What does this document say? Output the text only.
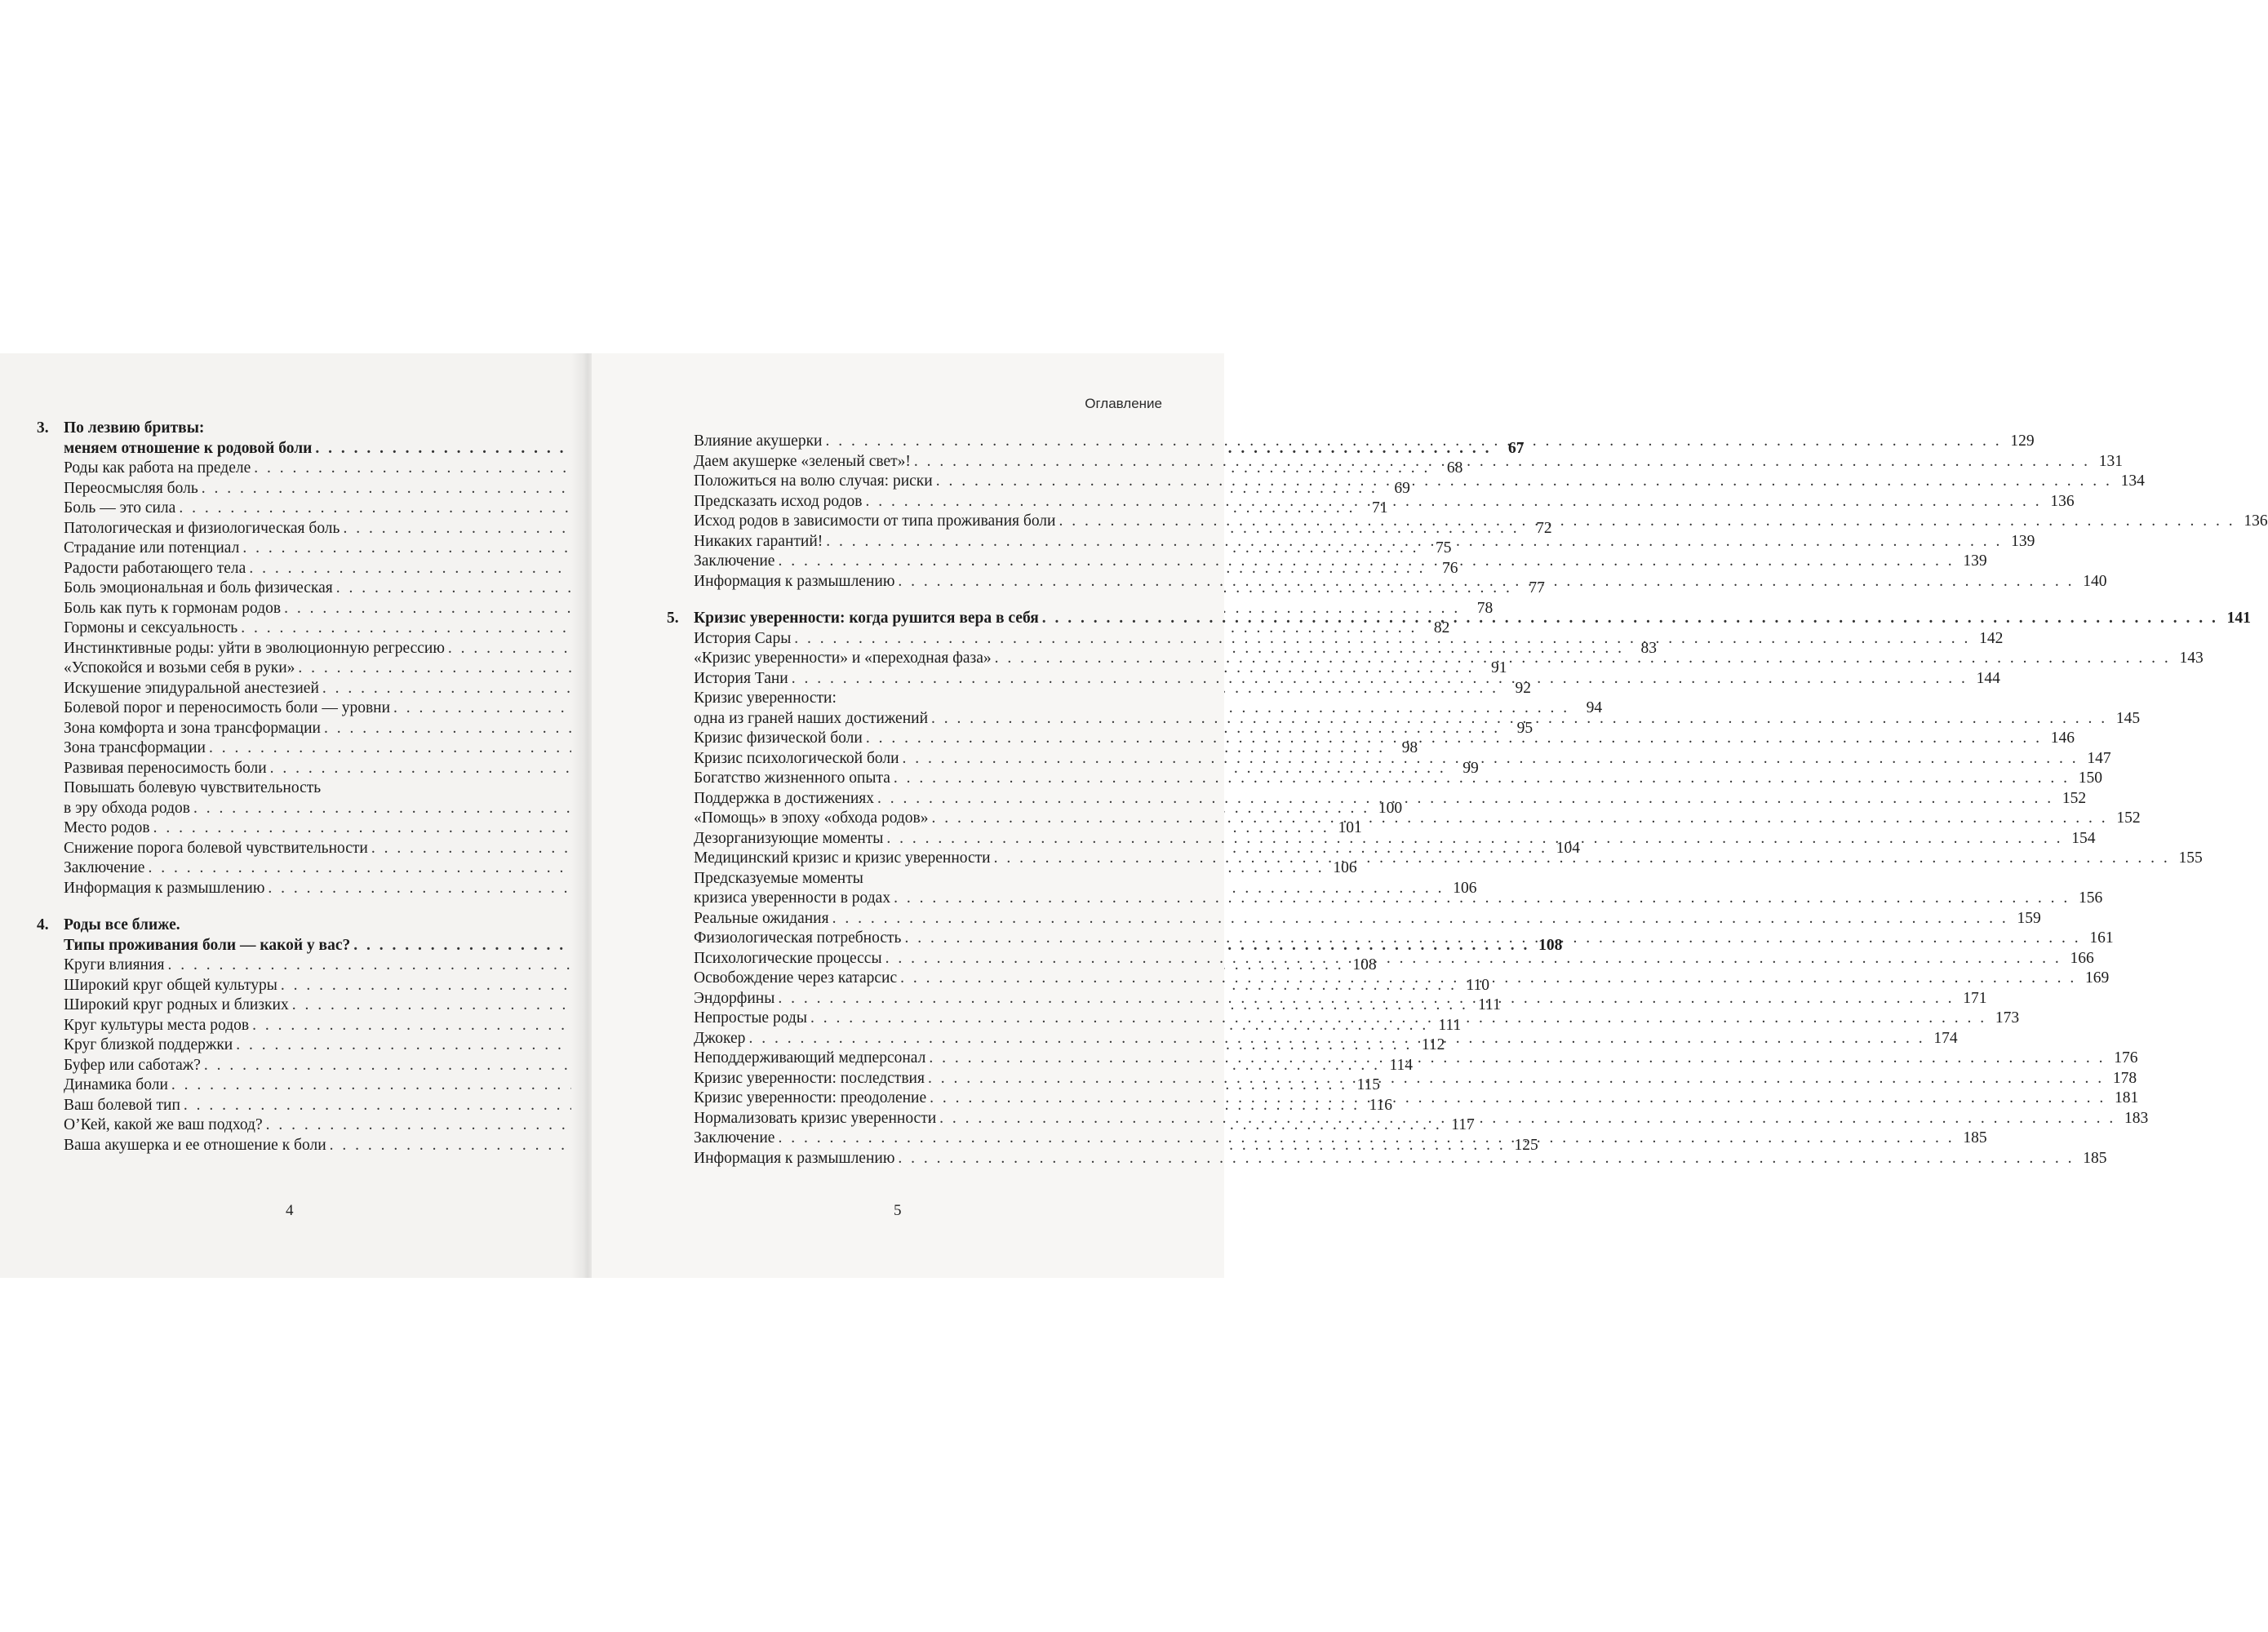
3. По лезвию бритвы:
меняем отношение к родовой боли . . .	67
Роды как работа на пределе . . .	68
Переосмысляя боль . . .	69
Боль — это сила . . .	71
Патологическая и физиологическая боль . . .	72
Страдание или потенциал . . .	75
Радости работающего тела . . .	76
Боль эмоциональная и боль физическая . . .	77
Боль как путь к гормонам родов . . .	78
Гормоны и сексуальность . . .	82
Инстинктивные роды: уйти в эволюционную регрессию . . .	83
«Успокойся и возьми себя в руки» . . .	91
Искушение эпидуральной анестезией . . .	92
Болевой порог и переносимость боли — уровни . . .	94
Зона комфорта и зона трансформации . . .	95
Зона трансформации . . .	98
Развивая переносимость боли . . .	99
Повышать болевую чувствительность
в эру обхода родов . . .	100
Место родов . . .	101
Снижение порога болевой чувствительности . . .	104
Заключение . . .	106
Информация к размышлению . . .	106
4. Роды все ближе.
Типы проживания боли — какой у вас? . . .	108
Круги влияния . . .	108
Широкий круг общей культуры . . .	110
Широкий круг родных и близких . . .	111
Круг культуры места родов . . .	111
Круг близкой поддержки . . .	112
Буфер или саботаж? . . .	114
Динамика боли . . .	115
Ваш болевой тип . . .	116
О’Кей, какой же ваш подход? . . .	117
Ваша акушерка и ее отношение к боли . . .	125
4
Оглавление
Влияние акушерки . . .	129
Даем акушерке «зеленый свет»! . . .	131
Положиться на волю случая: риски . . .	134
Предсказать исход родов . . .	136
Исход родов в зависимости от типа проживания боли . . .	136
Никаких гарантий! . . .	139
Заключение . . .	139
Информация к размышлению . . .	140
5. Кризис уверенности: когда рушится вера в себя . . .	141
История Сары . . .	142
«Кризис уверенности» и «переходная фаза» . . .	143
История Тани . . .	144
Кризис уверенности:
одна из граней наших достижений . . .	145
Кризис физической боли . . .	146
Кризис психологической боли . . .	147
Богатство жизненного опыта . . .	150
Поддержка в достижениях . . .	152
«Помощь» в эпоху «обхода родов» . . .	152
Дезорганизующие моменты . . .	154
Медицинский кризис и кризис уверенности . . .	155
Предсказуемые моменты
кризиса уверенности в родах . . .	156
Реальные ожидания . . .	159
Физиологическая потребность . . .	161
Психологические процессы . . .	166
Освобождение через катарсис . . .	169
Эндорфины . . .	171
Непростые роды . . .	173
Джокер . . .	174
Неподдерживающий медперсонал . . .	176
Кризис уверенности: последствия . . .	178
Кризис уверенности: преодоление . . .	181
Нормализовать кризис уверенности . . .	183
Заключение . . .	185
Информация к размышлению . . .	185
5
